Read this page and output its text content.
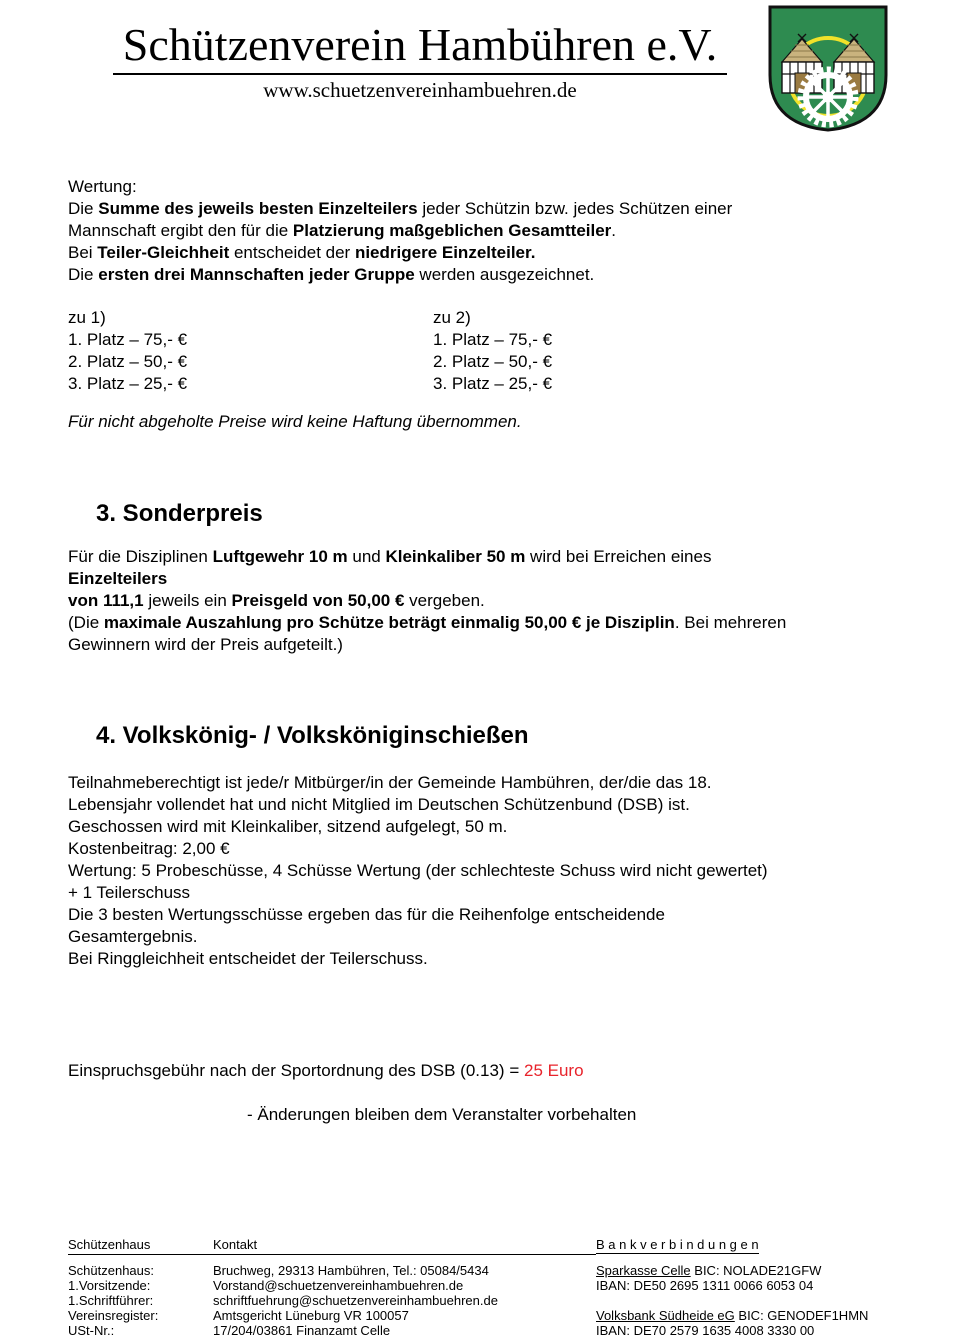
Schützenverein Hambühren e.V.
www.schuetzenvereinhambuehren.de
Wertung:
Die Summe des jeweils besten Einzelteilers jeder Schützin bzw. jedes Schützen einer
Mannschaft ergibt den für die Platzierung maßgeblichen Gesamtteiler.
Bei Teiler-Gleichheit entscheidet der niedrigere Einzelteiler.
Die ersten drei Mannschaften jeder Gruppe werden ausgezeichnet.
zu 1)
1. Platz – 75,- €
2. Platz – 50,- €
3. Platz – 25,- €
zu 2)
1. Platz – 75,- €
2. Platz – 50,- €
3. Platz – 25,- €
Für nicht abgeholte Preise wird keine Haftung übernommen.
3. Sonderpreis
Für die Disziplinen Luftgewehr 10 m und Kleinkaliber 50 m wird bei Erreichen eines
Einzelteilers
von 111,1 jeweils ein Preisgeld von 50,00 € vergeben.
(Die maximale Auszahlung pro Schütze beträgt einmalig 50,00 € je Disziplin. Bei mehreren
Gewinnern wird der Preis aufgeteilt.)
4. Volkskönig- / Volksköniginschießen
Teilnahmeberechtigt ist jede/r Mitbürger/in der Gemeinde Hambühren, der/die das 18.
Lebensjahr vollendet hat und nicht Mitglied im Deutschen Schützenbund (DSB) ist.
Geschossen wird mit Kleinkaliber, sitzend aufgelegt, 50 m.
Kostenbeitrag: 2,00 €
Wertung: 5 Probeschüsse, 4 Schüsse Wertung (der schlechteste Schuss wird nicht gewertet)
+ 1 Teilerschuss
Die 3 besten Wertungsschüsse ergeben das für die Reihenfolge entscheidende
Gesamtergebnis.
Bei Ringgleichheit entscheidet der Teilerschuss.
Einspruchsgebühr nach der Sportordnung des DSB (0.13) = 25 Euro
- Änderungen bleiben dem Veranstalter vorbehalten
Schützenhaus	Kontakt	B a n k v e r b i n d u n g e n
Schützenhaus:
1.Vorsitzende:
1.Schriftführer:
Vereinsregister:
USt-Nr.:
Bruchweg, 29313 Hambühren, Tel.: 05084/5434
Vorstand@schuetzenvereinhambuehren.de
schriftfuehrung@schuetzenvereinhambuehren.de
Amtsgericht Lüneburg VR 100057
17/204/03861 Finanzamt Celle
Sparkasse Celle BIC: NOLADE21GFW
IBAN: DE50 2695 1311 0066 6053 04

Volksbank Südheide eG BIC: GENODEF1HMN
IBAN: DE70 2579 1635 4008 3330 00
